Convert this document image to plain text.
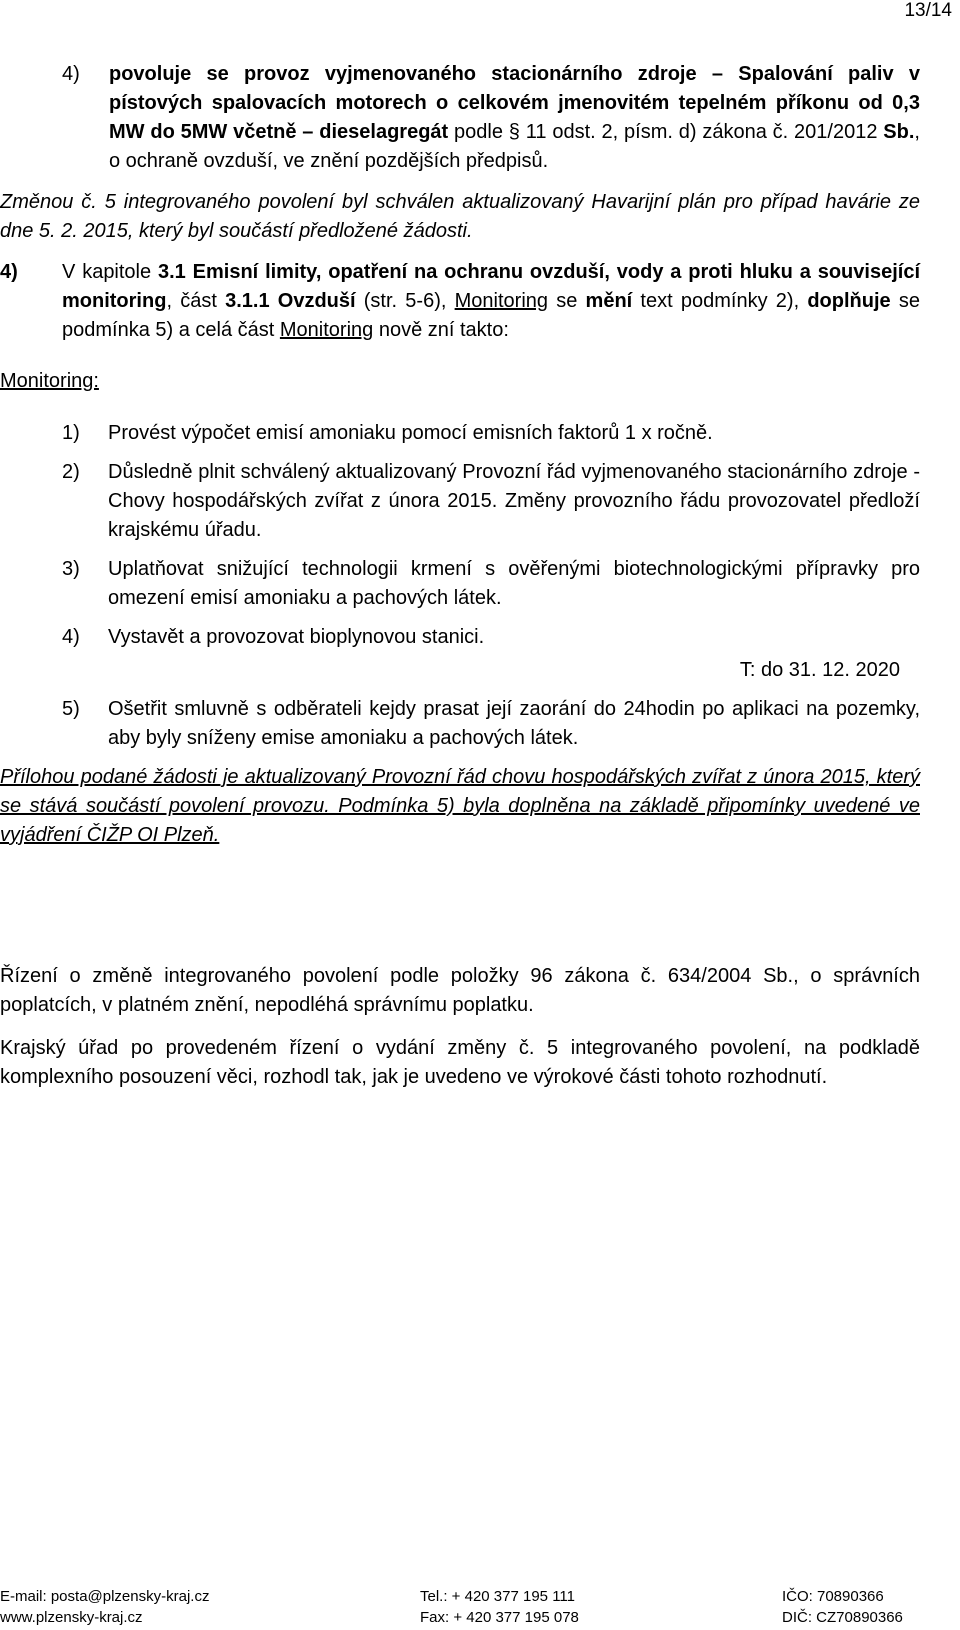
13/14
4) povoluje se provoz vyjmenovaného stacionárního zdroje – Spalování paliv v pístových spalovacích motorech o celkovém jmenovitém tepelném příkonu od 0,3 MW do 5MW včetně – dieselagregát podle § 11 odst. 2, písm. d) zákona č. 201/2012 Sb., o ochraně ovzduší, ve znění pozdějších předpisů.
Změnou č. 5 integrovaného povolení byl schválen aktualizovaný Havarijní plán pro případ havárie ze dne 5. 2. 2015, který byl součástí předložené žádosti.
4) V kapitole 3.1 Emisní limity, opatření na ochranu ovzduší, vody a proti hluku a související monitoring, část 3.1.1 Ovzduší (str. 5-6), Monitoring se mění text podmínky 2), doplňuje se podmínka 5) a celá část Monitoring nově zní takto:
Monitoring:
1) Provést výpočet emisí amoniaku pomocí emisních faktorů 1 x ročně.
2) Důsledně plnit schválený aktualizovaný Provozní řád vyjmenovaného stacionárního zdroje - Chovy hospodářských zvířat z února 2015. Změny provozního řádu provozovatel předloží krajskému úřadu.
3) Uplatňovat snižující technologii krmení s ověřenými biotechnologickými přípravky pro omezení emisí amoniaku a pachových látek.
4) Vystavět a provozovat bioplynovou stanici.
T: do 31. 12. 2020
5) Ošetřit smluvně s odběrateli kejdy prasat její zaorání do 24hodin po aplikaci na pozemky, aby byly sníženy emise amoniaku a pachových látek.
Přílohou podané žádosti je aktualizovaný Provozní řád chovu hospodářských zvířat z února 2015, který se stává součástí povolení provozu. Podmínka 5) byla doplněna na základě připomínky uvedené ve vyjádření ČIŽP OI Plzeň.
Řízení o změně integrovaného povolení podle položky 96 zákona č. 634/2004 Sb., o správních poplatcích, v platném znění, nepodléhá správnímu poplatku.
Krajský úřad po provedeném řízení o vydání změny č. 5 integrovaného povolení, na podkladě komplexního posouzení věci, rozhodl tak, jak je uvedeno ve výrokové části tohoto rozhodnutí.
E-mail: posta@plzensky-kraj.cz
www.plzensky-kraj.cz
Tel.: + 420 377 195 111
Fax: + 420 377 195 078
IČO: 70890366
DIČ: CZ70890366
